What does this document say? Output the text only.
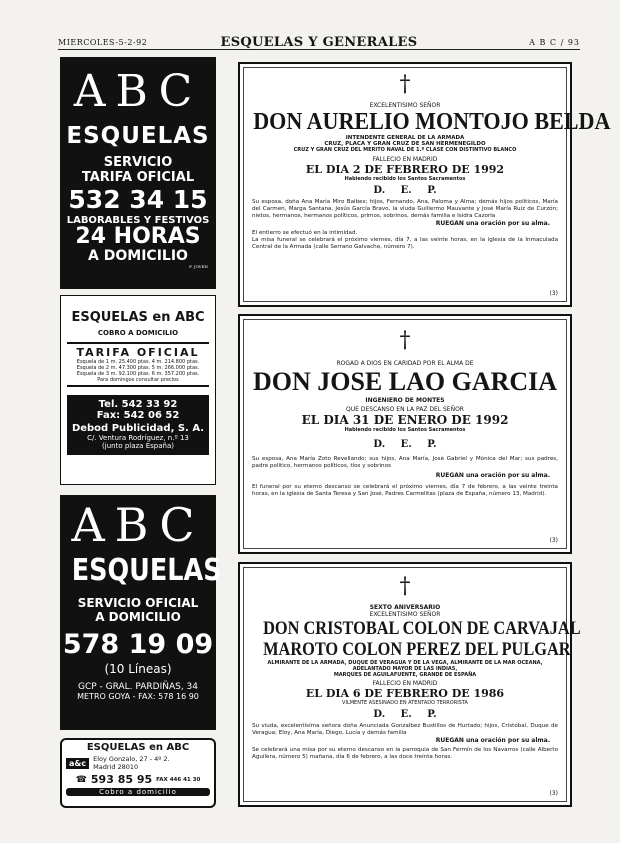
MIERCOLES-5-2-92	ESQUELAS Y GENERALES	A B C / 93
ABC
ESQUELAS
SERVICIO
TARIFA OFICIAL
532 34 15
LABORABLES Y FESTIVOS
24 HORAS
A DOMICILIO
F. JOVEN
ESQUELAS en ABC
COBRO A DOMICILIO
TARIFA OFICIAL
Esquela de 1 m. 25.400 ptas. 4 m. 214.800 ptas.
Esquela de 2 m. 47.300 ptas. 5 m. 266.000 ptas.
Esquela de 3 m. 92.100 ptas. 6 m. 357.200 ptas.
Para domingos consultar precios
Tel. 542 33 92
Fax: 542 06 52
Debod Publicidad, S. A.
C/. Ventura Rodríguez, n.º 13
(junto plaza España)
ABC
ESQUELAS
SERVICIO OFICIAL
A DOMICILIO
578 19 09
(10 Líneas)
GCP - GRAL. PARDIÑAS, 34
METRO GOYA - FAX: 578 16 90
ESQUELAS en ABC
a&c	Eloy Gonzalo, 27 - 4º 2.
Madrid 28010
☎ 593 85 95 FAX 446 41 30
Cobro a domicilio
†
EXCELENTISIMO SEÑOR
DON AURELIO MONTOJO BELDA
INTENDENTE GENERAL DE LA ARMADA
CRUZ, PLACA Y GRAN CRUZ DE SAN HERMENEGILDO
CRUZ Y GRAN CRUZ DEL MERITO NAVAL DE 1.ª CLASE CON DISTINTIVO BLANCO
FALLECIO EN MADRID
EL DIA 2 DE FEBRERO DE 1992
Habiendo recibido los Santos Sacramentos
D. E. P.
Su esposa, doña Ana María Miro Baibes; hijos, Fernando, Ana, Paloma y Alma; demás hijos políticos, María del Carmen, Marga Santana, Jesús García Bravo, la viuda Guillermo Mauvante y José María Ruiz de Curzón; nietos, hermanos, hermanos políticos, primos, sobrinos, demás familia e Isidra Cazorla
RUEGAN una oración por su alma.
El entierro se efectuó en la intimidad.
La misa funeral se celebrará el próximo viernes, día 7, a las veinte horas, en la iglesia de la Inmaculada Central de la Armada (calle Serrano Galvache, número 7).
(3)
†
ROGAD A DIOS EN CARIDAD POR EL ALMA DE
DON JOSE LAO GARCIA
INGENIERO DE MONTES
QUE DESCANSO EN LA PAZ DEL SEÑOR
EL DIA 31 DE ENERO DE 1992
Habiendo recibido los Santos Sacramentos
D. E. P.
Su esposa, Ana María Zoto Revellando; sus hijos, Ana María, José Gabriel y Mónica del Mar; sus padres, padre político, hermanos políticos, tíos y sobrinos
RUEGAN una oración por su alma.
El funeral por su eterno descanso se celebrará el próximo viernes, día 7 de febrero, a las veinte treinta horas, en la iglesia de Santa Teresa y San José, Padres Carmelitas (plaza de España, número 13, Madrid).
(3)
†
SEXTO ANIVERSARIO
EXCELENTISIMO SEÑOR
DON CRISTOBAL COLON DE CARVAJAL
MAROTO COLON PEREZ DEL PULGAR
ALMIRANTE DE LA ARMADA, DUQUE DE VERAGUA Y DE LA VEGA, ALMIRANTE DE LA MAR OCEANA, ADELANTADO MAYOR DE LAS INDIAS,
MARQUES DE AGUILAFUENTE, GRANDE DE ESPAÑA
FALLECIO EN MADRID
EL DIA 6 DE FEBRERO DE 1986
VILMENTE ASESINADO EN ATENTADO TERRORISTA
D. E. P.
Su viuda, excelentísima señora doña Anunciada Gonzalbez Bustillos de Hurtado; hijos, Cristóbal, Duque de Veragua; Eloy, Ana María, Diego, Lucía y demás familia
RUEGAN una oración por su alma.
Se celebrará una misa por su eterno descanso en la parroquia de San Fermín de los Navarros (calle Alberto Aguilera, número 5) mañana, día 6 de febrero, a las doce treinta horas.
(3)
